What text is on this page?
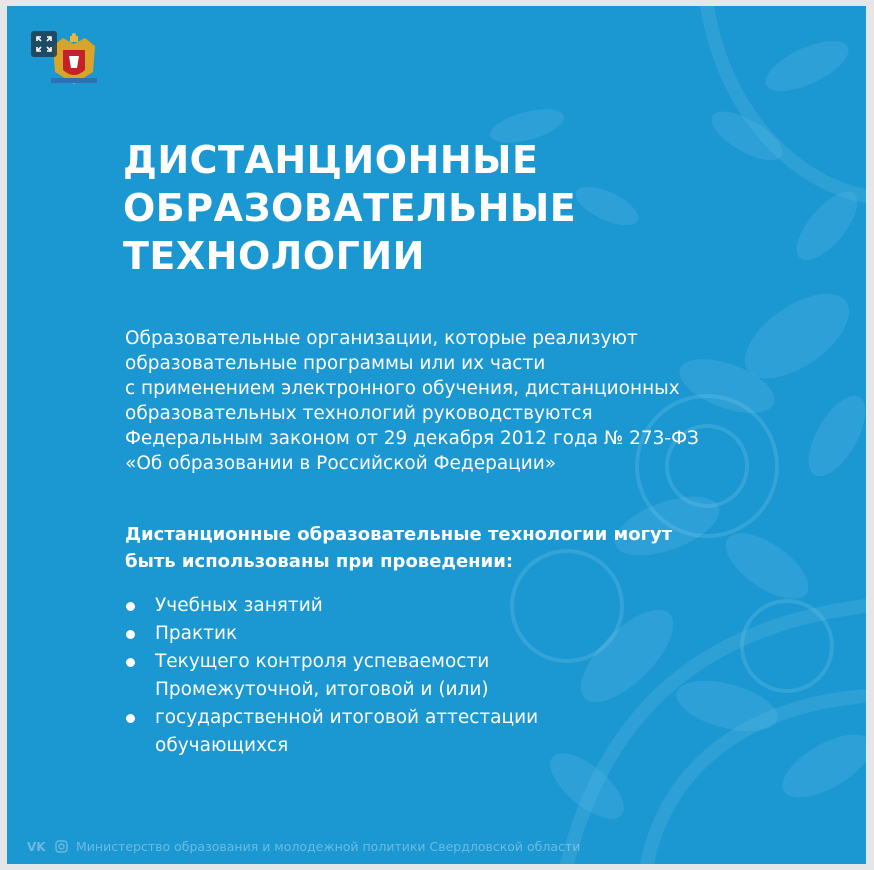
ДИСТАНЦИОННЫЕ
ОБРАЗОВАТЕЛЬНЫЕ
ТЕХНОЛОГИИ

Образовательные организации, которые реализуют
образовательные программы или их части
с применением электронного обучения, дистанционных
образовательных технологий руководствуются
Федеральным законом от 29 декабря 2012 года № 273-ФЗ
«Об образовании в Российской Федерации»

Дистанционные образовательные технологии могут
быть использованы при проведении:

Учебных занятий
Практик
Текущего контроля успеваемости
Промежуточной, итоговой и (или)
государственной итоговой аттестации
обучающихся
VK Министерство образования и молодежной политики Свердловской области
